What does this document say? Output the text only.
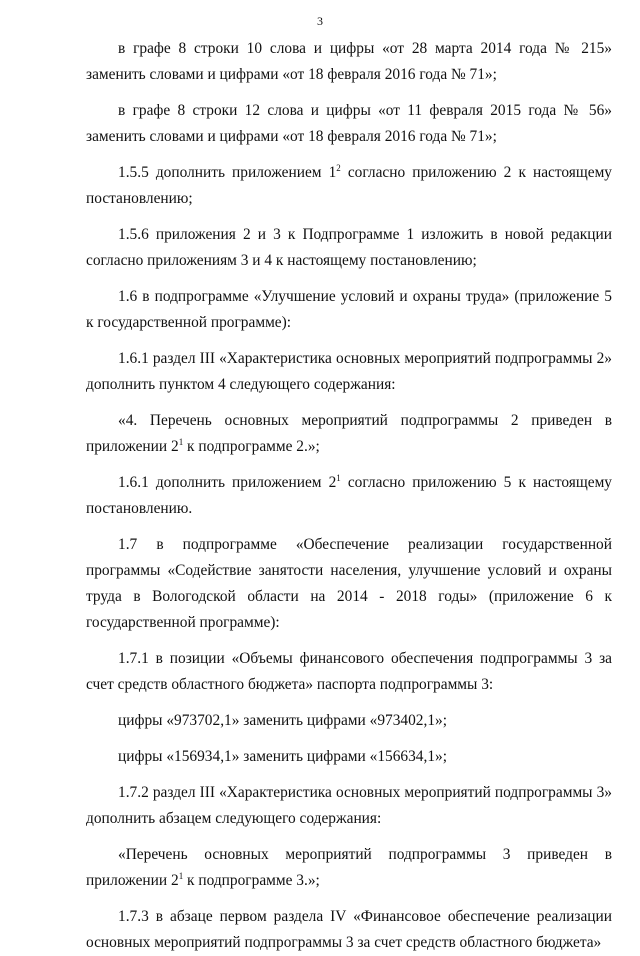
3

в графе 8 строки 10 слова и цифры «от 28 марта 2014 года № 215» заменить словами и цифрами «от 18 февраля 2016 года № 71»;

в графе 8 строки 12 слова и цифры «от 11 февраля 2015 года № 56» заменить словами и цифрами «от 18 февраля 2016 года № 71»;

1.5.5 дополнить приложением $1^2$ согласно приложению 2 к настоящему постановлению;

1.5.6 приложения 2 и 3 к Подпрограмме 1 изложить в новой редакции согласно приложениям 3 и 4 к настоящему постановлению;

1.6 в подпрограмме «Улучшение условий и охраны труда» (приложение 5 к государственной программе):

1.6.1 раздел III «Характеристика основных мероприятий подпрограммы 2» дополнить пунктом 4 следующего содержания:

«4. Перечень основных мероприятий подпрограммы 2 приведен в приложении $2^1$ к подпрограмме 2.»;

1.6.1 дополнить приложением $2^1$ согласно приложению 5 к настоящему постановлению.

1.7 в подпрограмме «Обеспечение реализации государственной программы «Содействие занятости населения, улучшение условий и охраны труда в Вологодской области на 2014 - 2018 годы» (приложение 6 к государственной программе):

1.7.1 в позиции «Объемы финансового обеспечения подпрограммы 3 за счет средств областного бюджета» паспорта подпрограммы 3:

цифры «973702,1» заменить цифрами «973402,1»;

цифры «156934,1» заменить цифрами «156634,1»;

1.7.2 раздел III «Характеристика основных мероприятий подпрограммы 3» дополнить абзацем следующего содержания:

«Перечень основных мероприятий подпрограммы 3 приведен в приложении $2^1$ к подпрограмме 3.»;

1.7.3 в абзаце первом раздела IV «Финансовое обеспечение реализации основных мероприятий подпрограммы 3 за счет средств областного бюджета»
